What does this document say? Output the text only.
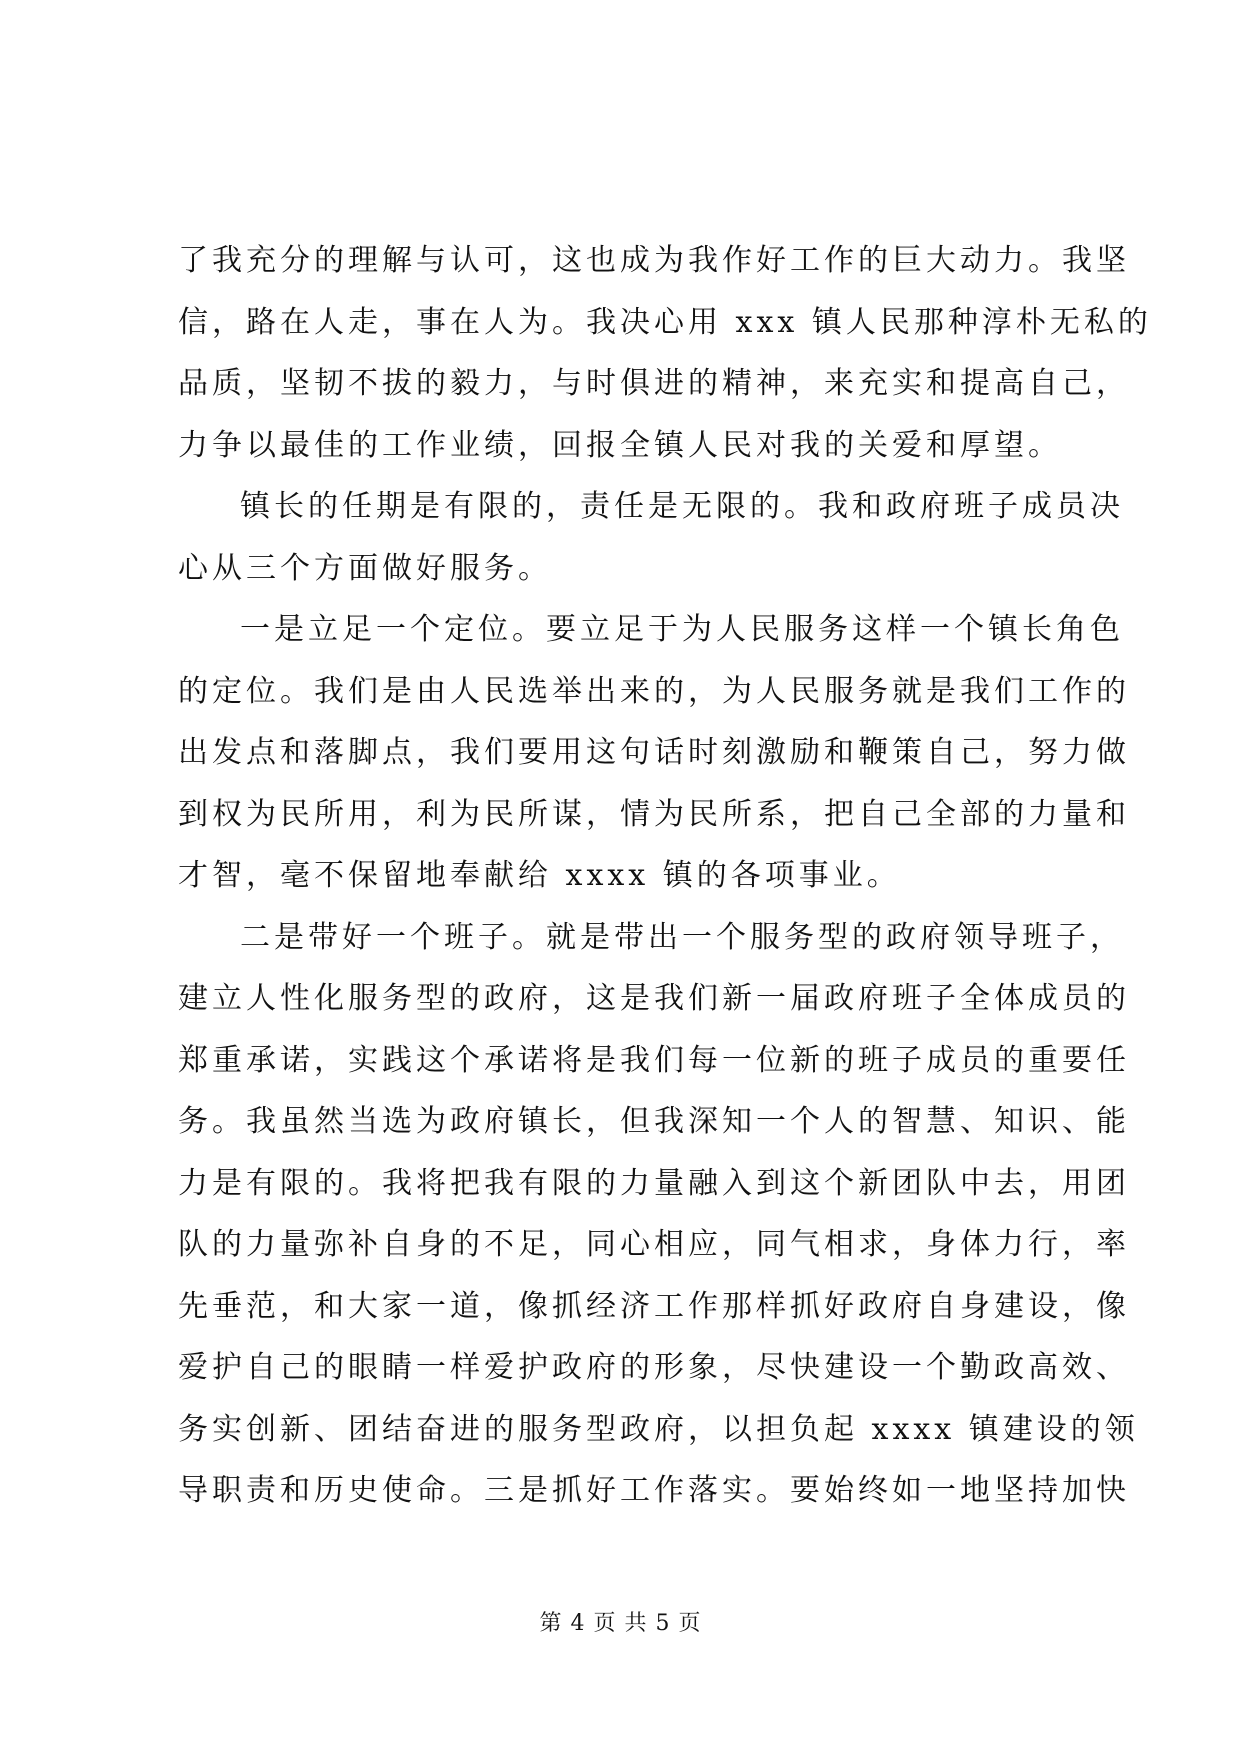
了我充分的理解与认可，这也成为我作好工作的巨大动力。我坚
信，路在人走，事在人为。我决心用 xxx 镇人民那种淳朴无私的
品质，坚韧不拔的毅力，与时俱进的精神，来充实和提高自己，
力争以最佳的工作业绩，回报全镇人民对我的关爱和厚望。
镇长的任期是有限的，责任是无限的。我和政府班子成员决
心从三个方面做好服务。
一是立足一个定位。要立足于为人民服务这样一个镇长角色
的定位。我们是由人民选举出来的，为人民服务就是我们工作的
出发点和落脚点，我们要用这句话时刻激励和鞭策自己，努力做
到权为民所用，利为民所谋，情为民所系，把自己全部的力量和
才智，毫不保留地奉献给 xxxx 镇的各项事业。
二是带好一个班子。就是带出一个服务型的政府领导班子，
建立人性化服务型的政府，这是我们新一届政府班子全体成员的
郑重承诺，实践这个承诺将是我们每一位新的班子成员的重要任
务。我虽然当选为政府镇长，但我深知一个人的智慧、知识、能
力是有限的。我将把我有限的力量融入到这个新团队中去，用团
队的力量弥补自身的不足，同心相应，同气相求，身体力行，率
先垂范，和大家一道，像抓经济工作那样抓好政府自身建设，像
爱护自己的眼睛一样爱护政府的形象，尽快建设一个勤政高效、
务实创新、团结奋进的服务型政府，以担负起 xxxx 镇建设的领
导职责和历史使命。三是抓好工作落实。要始终如一地坚持加快
第 4 页 共 5 页
